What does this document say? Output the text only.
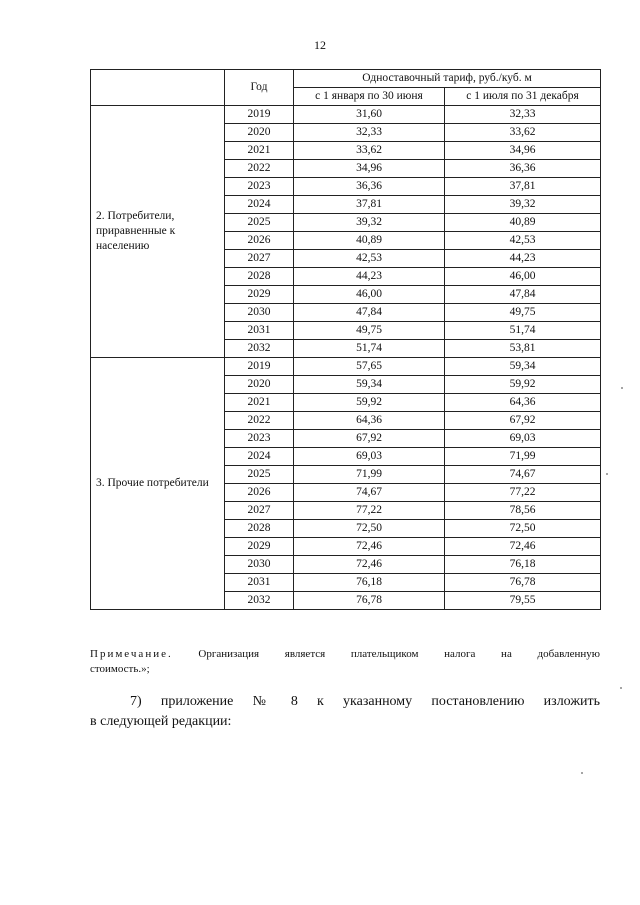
12
	Год	Одноставочный тариф, руб./куб. м	
		с 1 января по 30 июня	с 1 июля по 31 декабря
2. Потребители, приравненные к населению	2019	31,60	32,33
	2020	32,33	33,62
	2021	33,62	34,96
	2022	34,96	36,36
	2023	36,36	37,81
	2024	37,81	39,32
	2025	39,32	40,89
	2026	40,89	42,53
	2027	42,53	44,23
	2028	44,23	46,00
	2029	46,00	47,84
	2030	47,84	49,75
	2031	49,75	51,74
	2032	51,74	53,81
3. Прочие потребители	2019	57,65	59,34
	2020	59,34	59,92
	2021	59,92	64,36
	2022	64,36	67,92
	2023	67,92	69,03
	2024	69,03	71,99
	2025	71,99	74,67
	2026	74,67	77,22
	2027	77,22	78,56
	2028	72,50	72,50
	2029	72,46	72,46
	2030	72,46	76,18
	2031	76,18	76,78
	2032	76,78	79,55
Примечание. Организация является плательщиком налога на добавленную
стоимость.»;
7) приложение № 8 к указанному постановлению изложить
в следующей редакции:
